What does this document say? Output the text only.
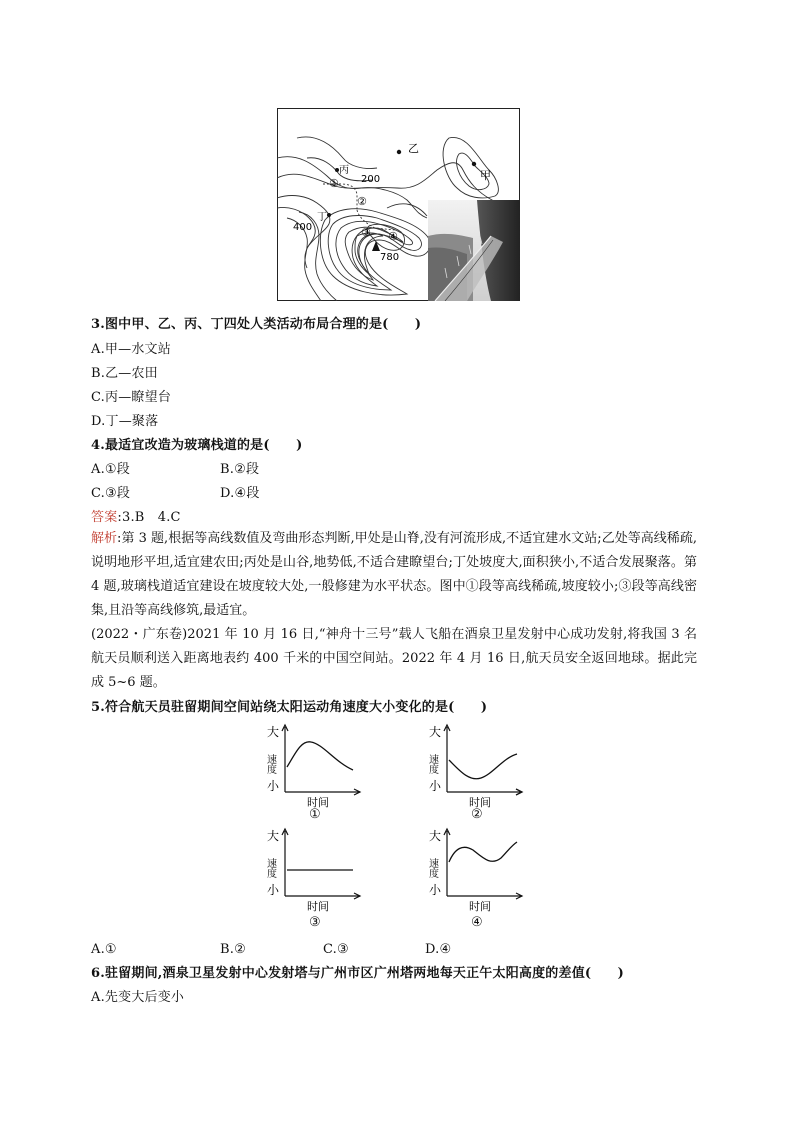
乙
甲
丙
丁
200
400
780
①
②
③ ④
3.图中甲、乙、丙、丁四处人类活动布局合理的是(　　)
A.甲—水文站
B.乙—农田
C.丙—瞭望台
D.丁—聚落
4.最适宜改造为玻璃栈道的是(　　)
A.①段	B.②段
C.③段	D.④段
答案:3.B　4.C
解析:第 3 题,根据等高线数值及弯曲形态判断,甲处是山脊,没有河流形成,不适宜建水文站;乙处等高线稀疏,说明地形平坦,适宜建农田;丙处是山谷,地势低,不适合建瞭望台;丁处坡度大,面积狭小,不适合发展聚落。第 4 题,玻璃栈道适宜建设在坡度较大处,一般修建为水平状态。图中①段等高线稀疏,坡度较小;③段等高线密集,且沿等高线修筑,最适宜。
(2022・广东卷)2021 年 10 月 16 日,“神舟十三号”载人飞船在酒泉卫星发射中心成功发射,将我国 3 名航天员顺利送入距离地表约 400 千米的中国空间站。2022 年 4 月 16 日,航天员安全返回地球。据此完成 5~6 题。
5.符合航天员驻留期间空间站绕太阳运动角速度大小变化的是(　　)
大
小
速度
时间
①
大
小
速度
时间
②
大
小
速度
时间
③
大
小
速度
时间
④
A.①	B.②	C.③	D.④
6.驻留期间,酒泉卫星发射中心发射塔与广州市区广州塔两地每天正午太阳高度的差值(　　)
A.先变大后变小
